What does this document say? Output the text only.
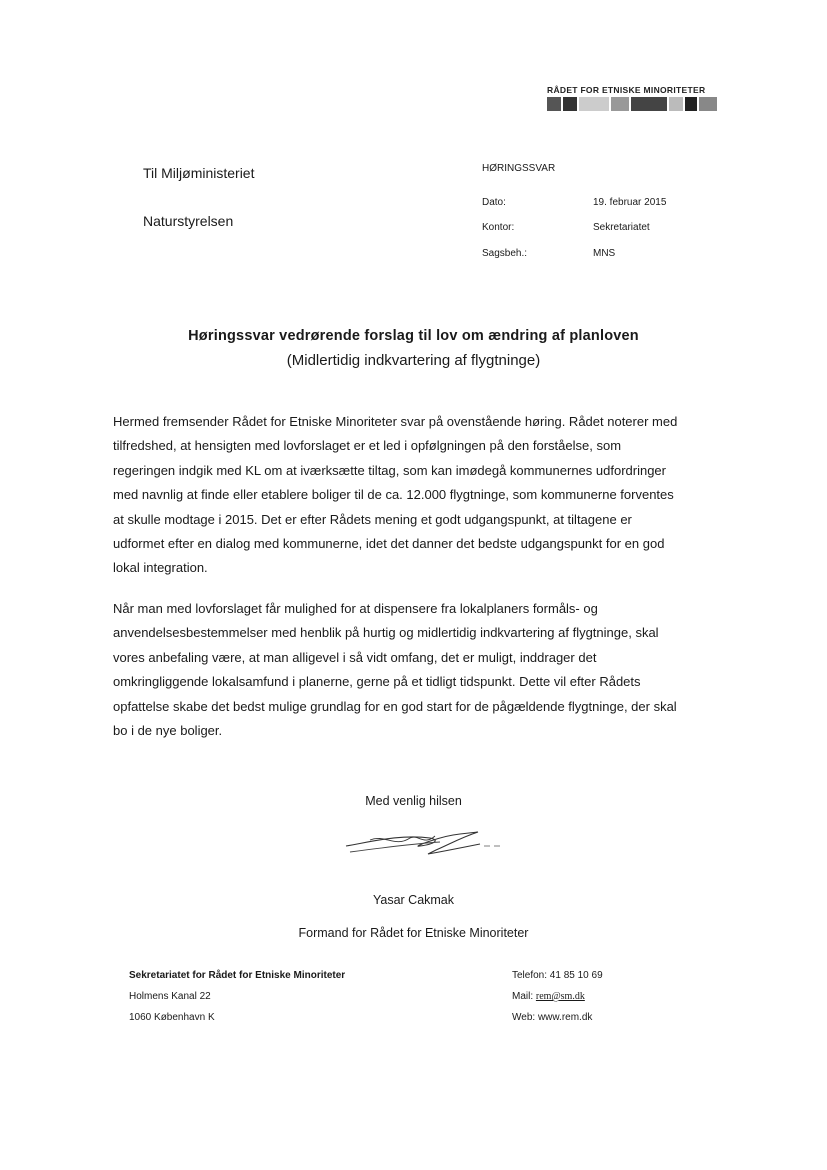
RÅDET FOR ETNISKE MINORITETER
Til Miljøministeriet
Naturstyrelsen
HØRINGSSVAR
Dato:	19. februar 2015
Kontor:	Sekretariatet
Sagsbeh.:	MNS
Høringssvar vedrørende forslag til lov om ændring af planloven
(Midlertidig indkvartering af flygtninge)

Hermed fremsender Rådet for Etniske Minoriteter svar på ovenstående høring. Rådet noterer med
tilfredshed, at hensigten med lovforslaget er et led i opfølgningen på den forståelse, som
regeringen indgik med KL om at iværksætte tiltag, som kan imødegå kommunernes udfordringer
med navnlig at finde eller etablere boliger til de ca. 12.000 flygtninge, som kommunerne forventes
at skulle modtage i 2015. Det er efter Rådets mening et godt udgangspunkt, at tiltagene er
udformet efter en dialog med kommunerne, idet det danner det bedste udgangspunkt for en god
lokal integration.

Når man med lovforslaget får mulighed for at dispensere fra lokalplaners formåls- og
anvendelsesbestemmelser med henblik på hurtig og midlertidig indkvartering af flygtninge, skal
vores anbefaling være, at man alligevel i så vidt omfang, det er muligt, inddrager det
omkringliggende lokalsamfund i planerne, gerne på et tidligt tidspunkt. Dette vil efter Rådets
opfattelse skabe det bedst mulige grundlag for en god start for de pågældende flygtninge, der skal
bo i de nye boliger.

Med venlig hilsen
Yasar Cakmak
Formand for Rådet for Etniske Minoriteter
Sekretariatet for Rådet for Etniske Minoriteter
Holmens Kanal 22
1060 København K
Telefon: 41 85 10 69
Mail: rem@sm.dk
Web: www.rem.dk
